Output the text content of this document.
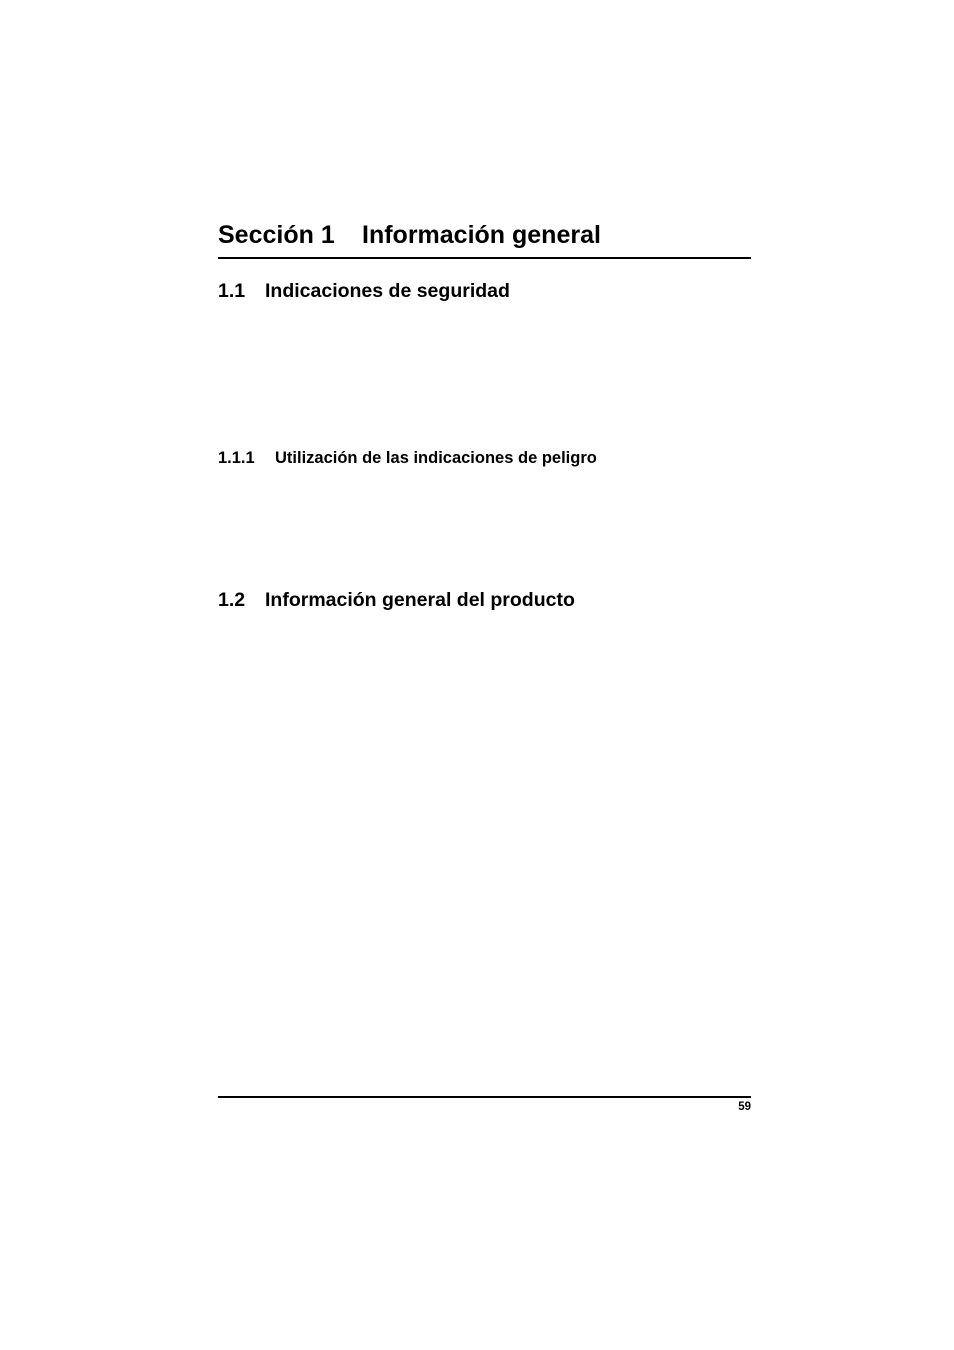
Sección 1 Información general
1.1 Indicaciones de seguridad
1.1.1 Utilización de las indicaciones de peligro
1.2 Información general del producto
59
